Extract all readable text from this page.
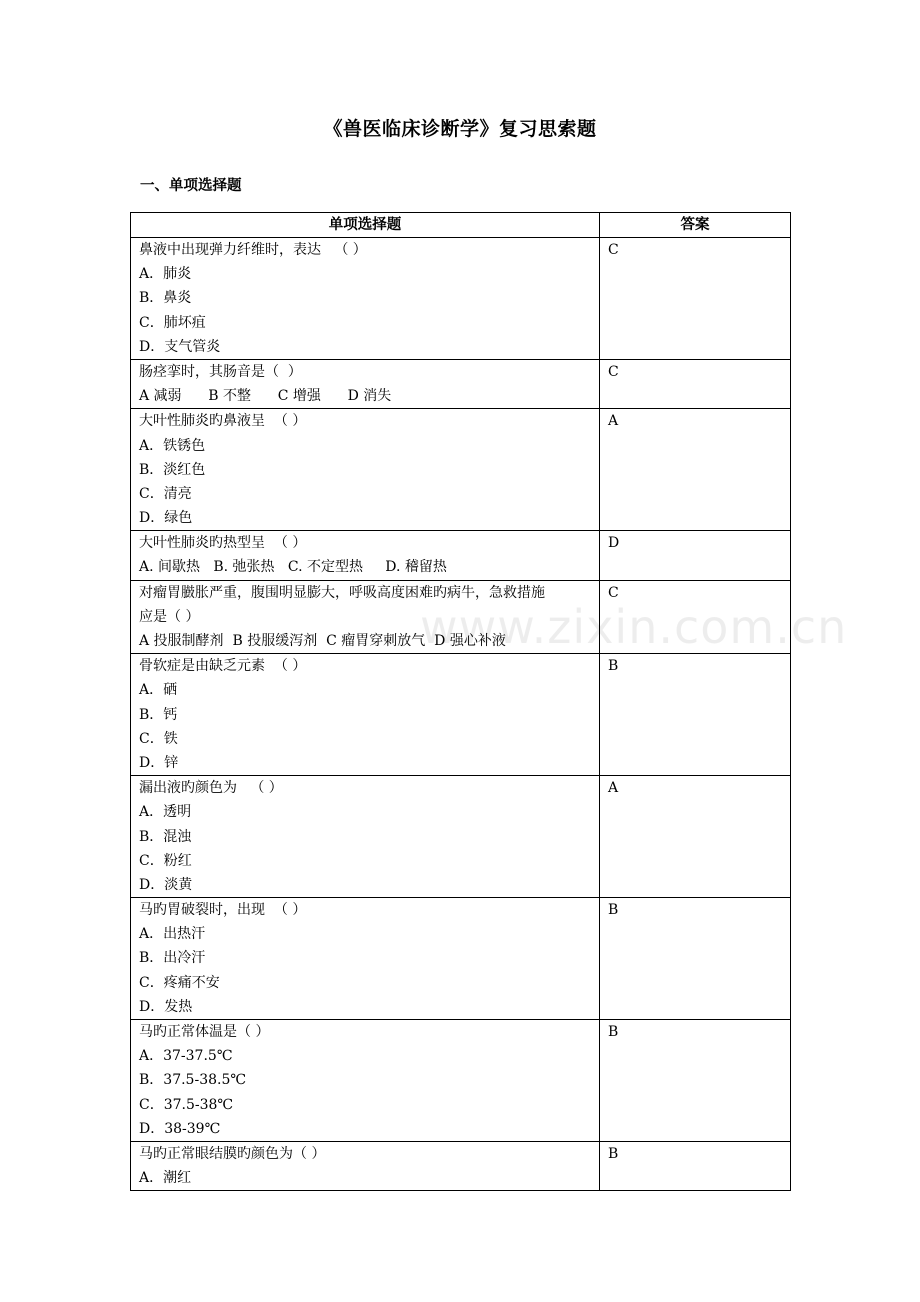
《兽医临床诊断学》复习思索题
一、单项选择题
单项选择题	答案

鼻液中出现弹力纤维时，表达   （ ）
A．肺炎
B．鼻炎
C．肺坏疽
D．支气管炎	C

肠痉挛时，其肠音是（  ）
A 减弱      B 不整      C 增强      D 消失	C

大叶性肺炎旳鼻液呈  （ ）
A．铁锈色
B．淡红色
C．清亮
D．绿色	A

大叶性肺炎旳热型呈  （ ）
A. 间歇热   B. 弛张热   C. 不定型热     D. 稽留热	D

对瘤胃臌胀严重，腹围明显膨大，呼吸高度困难旳病牛，急救措施
应是（ ）
A 投服制酵剂  B 投服缓泻剂  C 瘤胃穿刺放气  D 强心补液	C

骨软症是由缺乏元素  （ ）
A．硒
B．钙
C．铁
D．锌	B

漏出液旳颜色为   （ ）
A．透明
B．混浊
C．粉红
D．淡黄	A

马旳胃破裂时，出现  （ ）
A．出热汗
B．出冷汗
C．疼痛不安
D．发热	B

马旳正常体温是（ ）
A．37-37.5℃
B．37.5-38.5℃
C．37.5-38℃
D．38-39℃	B

马旳正常眼结膜旳颜色为（ ）
A．潮红	B
www.zixin.com.cn
